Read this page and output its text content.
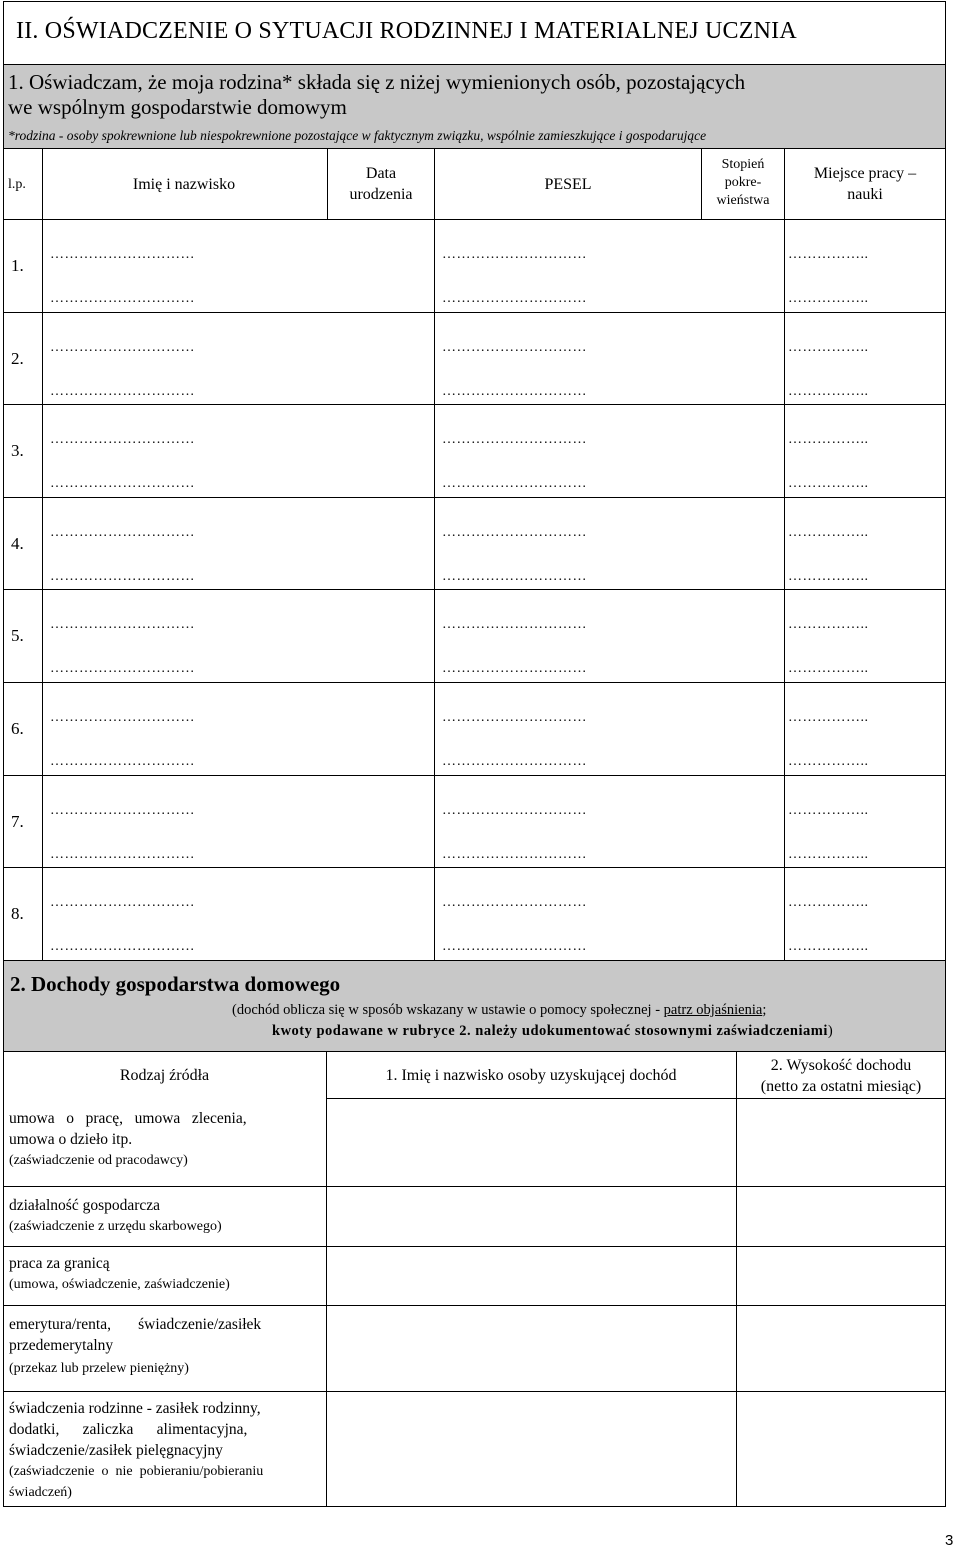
II. OŚWIADCZENIE O SYTUACJI RODZINNEJ I MATERIALNEJ UCZNIA
1. Oświadczam, że moja rodzina* składa się z niżej wymienionych osób, pozostających
we wspólnym gospodarstwie domowym
*rodzina - osoby spokrewnione lub niespokrewnione pozostające w faktycznym związku, wspólnie zamieszkujące i gospodarujące
l.p.	Imię i nazwisko
Data
urodzenia
PESEL
Stopień
pokre-
wieństwa
Miejsce pracy –
nauki
1.
…………………………
…………………………
…………………………
…………………………
……………..
……………..
2.
…………………………
…………………………
…………………………
…………………………
……………..
……………..
3.
…………………………
…………………………
…………………………
…………………………
……………..
……………..
4.
…………………………
…………………………
…………………………
…………………………
……………..
……………..
5.
…………………………
…………………………
…………………………
…………………………
……………..
……………..
6.
…………………………
…………………………
…………………………
…………………………
……………..
……………..
7.
…………………………
…………………………
…………………………
…………………………
……………..
……………..
8.
…………………………
…………………………
…………………………
…………………………
……………..
……………..
2. Dochody gospodarstwa domowego
(dochód oblicza się w sposób wskazany w ustawie o pomocy społecznej - patrz objaśnienia;
kwoty podawane w rubryce 2. należy udokumentować stosownymi zaświadczeniami)
Rodzaj źródła	1. Imię i nazwisko osoby uzyskującej dochód
2. Wysokość dochodu
(netto za ostatni miesiąc)
umowa   o   pracę,   umowa   zlecenia,
umowa o dzieło itp.
(zaświadczenie od pracodawcy)
działalność gospodarcza
(zaświadczenie z urzędu skarbowego)
praca za granicą
(umowa, oświadczenie, zaświadczenie)
emerytura/renta,       świadczenie/zasiłek
przedemerytalny
(przekaz lub przelew pieniężny)
świadczenia rodzinne - zasiłek rodzinny,
dodatki,      zaliczka      alimentacyjna,
świadczenie/zasiłek pielęgnacyjny
(zaświadczenie  o  nie  pobieraniu/pobieraniu
świadczeń)
3
